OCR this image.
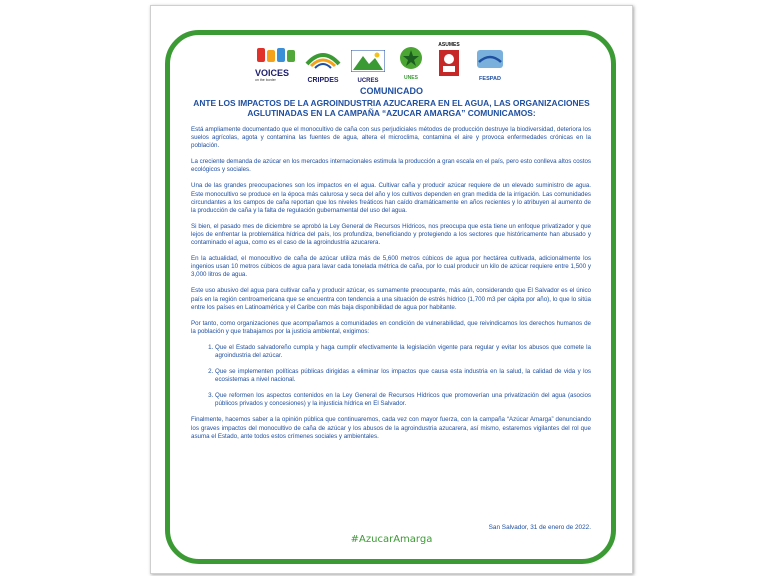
VOICES
on the border	CRIPDES	UCRES	UNES
ASUMES
FESPAD
COMUNICADO
ANTE LOS IMPACTOS DE LA AGROINDUSTRIA AZUCARERA EN EL AGUA, LAS ORGANIZACIONES AGLUTINADAS EN LA CAMPAÑA “AZUCAR AMARGA” COMUNICAMOS:

Está ampliamente documentado que el monocultivo de caña con sus perjudiciales métodos de producción destruye la biodiversidad, deteriora los suelos agrícolas, agota y contamina las fuentes de agua, altera el microclima, contamina el aire y provoca enfermedades crónicas en la población.

La creciente demanda de azúcar en los mercados internacionales estimula la producción a gran escala en el país, pero esto conlleva altos costos ecológicos y sociales.

Una de las grandes preocupaciones son los impactos en el agua. Cultivar caña y producir azúcar requiere de un elevado suministro de agua. Este monocultivo se produce en la época más calurosa y seca del año y los cultivos dependen en gran medida de la irrigación. Las comunidades circundantes a los campos de caña reportan que los niveles freáticos han caído dramáticamente en años recientes y lo atribuyen al aumento de la producción de caña y la falta de regulación gubernamental del uso del agua.

Si bien, el pasado mes de diciembre se aprobó la Ley General de Recursos Hídricos, nos preocupa que esta tiene un enfoque privatizador y que lejos de enfrentar la problemática hídrica del país, los profundiza, beneficiando y protegiendo a los sectores que históricamente han abusado y contaminado el agua, como es el caso de la agroindustria azucarera.

En la actualidad, el monocultivo de caña de azúcar utiliza más de 5,600 metros cúbicos de agua por hectárea cultivada, adicionalmente los ingenios usan 10 metros cúbicos de agua para lavar cada tonelada métrica de caña, por lo cual producir un kilo de azúcar requiere entre 1,500 y 3,000 litros de agua.

Este uso abusivo del agua para cultivar caña y producir azúcar, es sumamente preocupante, más aún, considerando que El Salvador es el único país en la región centroamericana que se encuentra con tendencia a una situación de estrés hídrico (1,700 m3 per cápita por año), lo que lo sitúa entre los países en Latinoamérica y el Caribe con más baja disponibilidad de agua por habitante.

Por tanto, como organizaciones que acompañamos a comunidades en condición de vulnerabilidad, que reivindicamos los derechos humanos de la población y que trabajamos por la justicia ambiental, exigimos:

1. Que el Estado salvadoreño cumpla y haga cumplir efectivamente la legislación vigente para regular y evitar los abusos que comete la agroindustria del azúcar.
2. Que se implementen políticas públicas dirigidas a eliminar los impactos que causa esta industria en la salud, la calidad de vida y los ecosistemas a nivel nacional.
3. Que reformen los aspectos contenidos en la Ley General de Recursos Hídricos que promoverían una privatización del agua (asocios públicos privados y concesiones) y la injusticia hídrica en El Salvador.

Finalmente, hacemos saber a la opinión pública que continuaremos, cada vez con mayor fuerza, con la campaña “Azúcar Amarga” denunciando los graves impactos del monocultivo de caña de azúcar y los abusos de la agroindustria azucarera, así mismo, estaremos vigilantes del rol que asuma el Estado, ante todos estos crímenes sociales y ambientales.

San Salvador, 31 de enero de 2022.
#AzucarAmarga
